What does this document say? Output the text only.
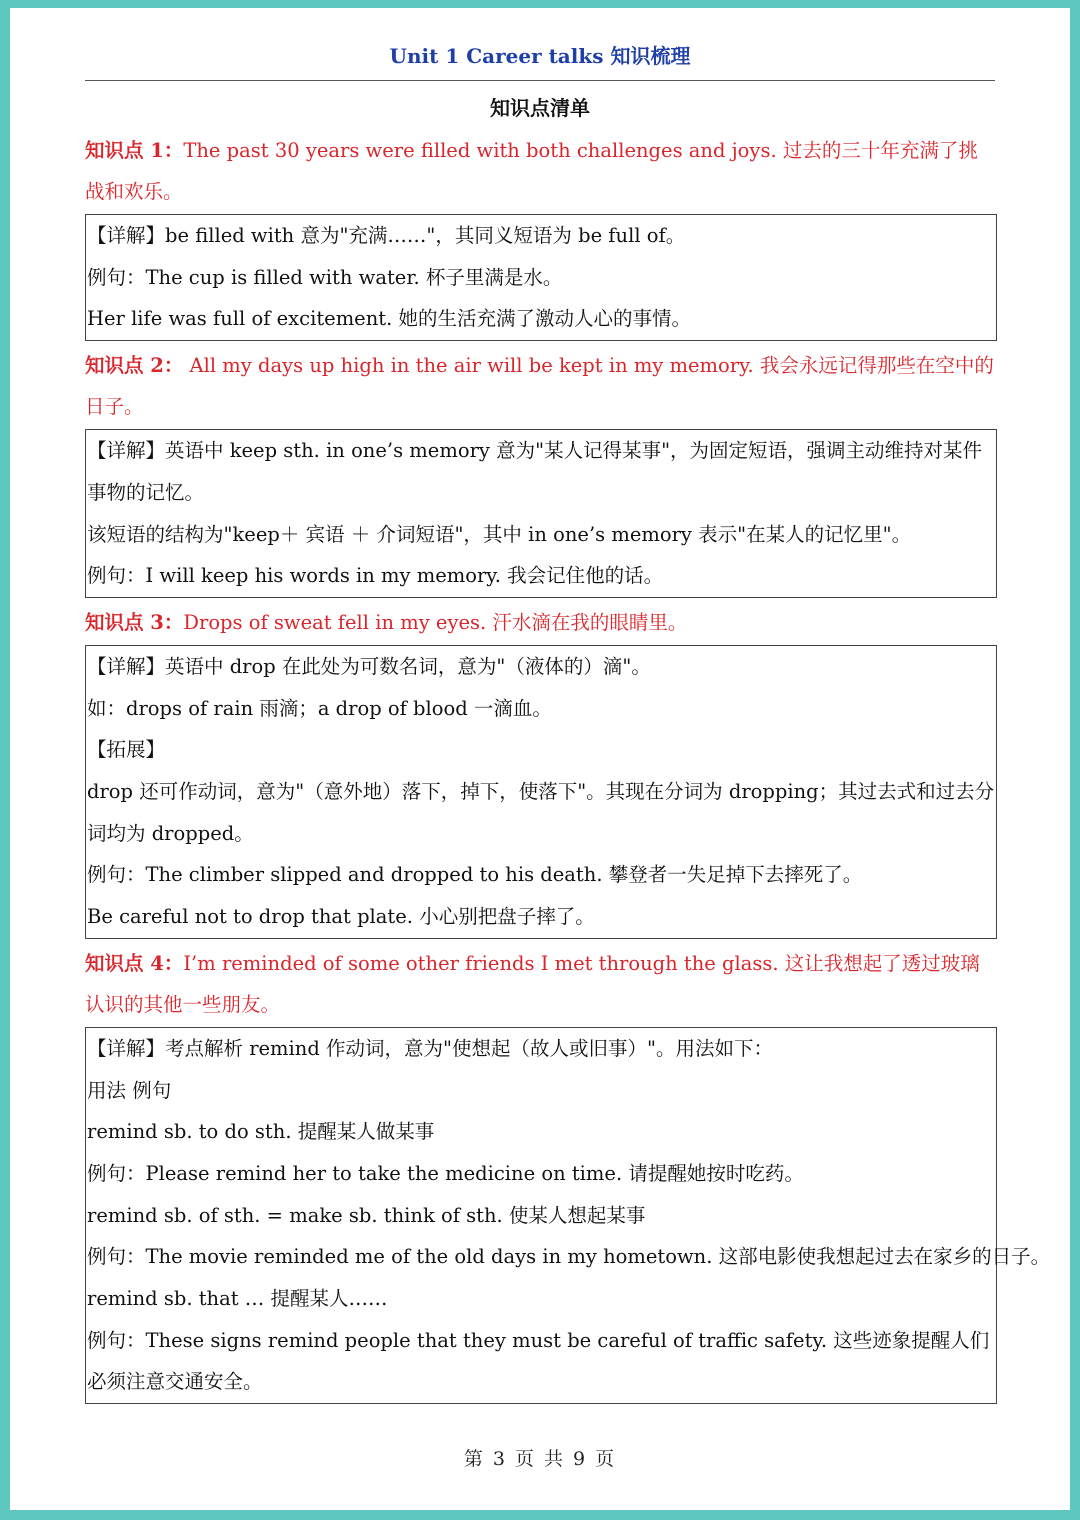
Unit 1 Career talks 知识梳理
知识点清单

知识点 1：The past 30 years were filled with both challenges and joys. 过去的三十年充满了挑战和欢乐。

【详解】be filled with 意为"充满……"，其同义短语为 be full of。

例句：The cup is filled with water. 杯子里满是水。

Her life was full of excitement. 她的生活充满了激动人心的事情。

知识点 2： All my days up high in the air will be kept in my memory. 我会永远记得那些在空中的日子。

【详解】英语中 keep sth. in one’s memory 意为"某人记得某事"，为固定短语，强调主动维持对某件事物的记忆。

该短语的结构为"keep＋ 宾语 ＋ 介词短语"，其中 in one’s memory 表示"在某人的记忆里"。

例句：I will keep his words in my memory. 我会记住他的话。

知识点 3：Drops of sweat fell in my eyes. 汗水滴在我的眼睛里。

【详解】英语中 drop 在此处为可数名词，意为"（液体的）滴"。

如：drops of rain 雨滴；a drop of blood 一滴血。

【拓展】

drop 还可作动词，意为"（意外地）落下，掉下，使落下"。其现在分词为 dropping；其过去式和过去分词均为 dropped。

例句：The climber slipped and dropped to his death. 攀登者一失足掉下去摔死了。

Be careful not to drop that plate. 小心别把盘子摔了。

知识点 4：I’m reminded of some other friends I met through the glass. 这让我想起了透过玻璃认识的其他一些朋友。

【详解】考点解析 remind 作动词，意为"使想起（故人或旧事）"。用法如下：

用法 例句

remind sb. to do sth. 提醒某人做某事

例句：Please remind her to take the medicine on time. 请提醒她按时吃药。

remind sb. of sth. = make sb. think of sth. 使某人想起某事

例句：The movie reminded me of the old days in my hometown. 这部电影使我想起过去在家乡的日子。

remind sb. that … 提醒某人……

例句：These signs remind people that they must be careful of traffic safety. 这些迹象提醒人们必须注意交通安全。

第 3 页 共 9 页
